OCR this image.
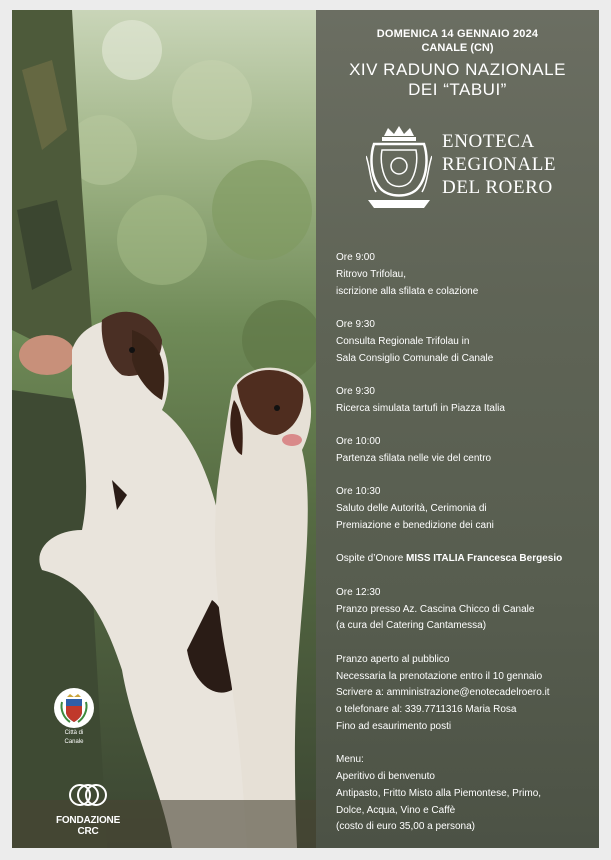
DOMENICA 14 GENNAIO 2024
CANALE (CN)
XIV RADUNO NAZIONALE
DEI “TABUI”
ENOTECA
REGIONALE
DEL ROERO

Ore 9:00
Ritrovo Trifolau,
iscrizione alla sfilata e colazione

Ore 9:30
Consulta Regionale Trifolau in
Sala Consiglio Comunale di Canale

Ore 9:30
Ricerca simulata tartufi in Piazza Italia

Ore 10:00
Partenza sfilata nelle vie del centro

Ore 10:30
Saluto delle Autorità, Cerimonia di
Premiazione e benedizione dei cani

Ospite d’Onore MISS ITALIA Francesca Bergesio

Ore 12:30
Pranzo presso Az. Cascina Chicco di Canale
(a cura del Catering Cantamessa)

Pranzo aperto al pubblico
Necessaria la prenotazione entro il 10 gennaio
Scrivere a: amministrazione@enotecadelroero.it
o telefonare al: 339.7711316 Maria Rosa
Fino ad esaurimento posti

Menu:
Aperitivo di benvenuto
Antipasto, Fritto Misto alla Piemontese, Primo,
Dolce, Acqua, Vino e Caffè
(costo di euro 35,00 a persona)

Città di
Canale
FONDAZIONE CRC
